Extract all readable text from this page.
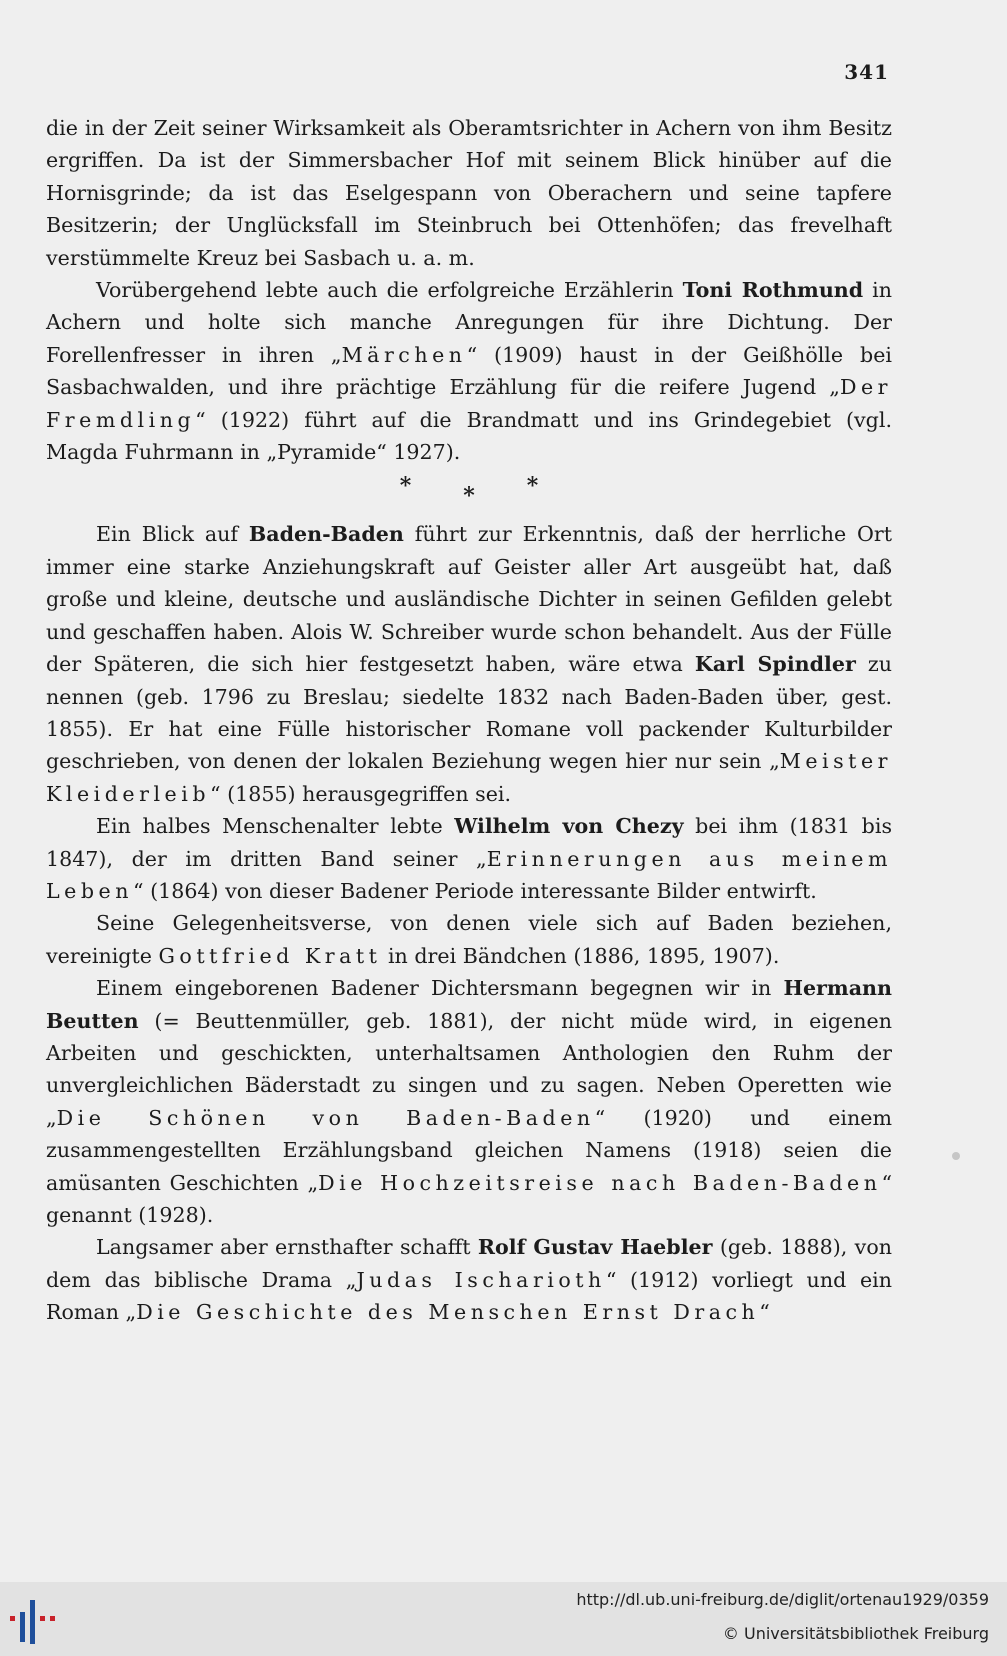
341

die in der Zeit seiner Wirksamkeit als Oberamtsrichter in Achern von ihm Besitz ergriffen. Da ist der Simmersbacher Hof mit seinem Blick hinüber auf die Hornisgrinde; da ist das Eselgespann von Oberachern und seine tapfere Besitzerin; der Unglücksfall im Steinbruch bei Ottenhöfen; das frevelhaft verstümmelte Kreuz bei Sasbach u. a. m.

Vorübergehend lebte auch die erfolgreiche Erzählerin Toni Rothmund in Achern und holte sich manche Anregungen für ihre Dichtung. Der Forellenfresser in ihren „Märchen“ (1909) haust in der Geißhölle bei Sasbachwalden, und ihre prächtige Erzählung für die reifere Jugend „Der Fremdling“ (1922) führt auf die Brandmatt und ins Grindegebiet (vgl. Magda Fuhrmann in „Pyramide“ 1927).

***

Ein Blick auf Baden-Baden führt zur Erkenntnis, daß der herrliche Ort immer eine starke Anziehungskraft auf Geister aller Art ausgeübt hat, daß große und kleine, deutsche und ausländische Dichter in seinen Gefilden gelebt und geschaffen haben. Alois W. Schreiber wurde schon behandelt. Aus der Fülle der Späteren, die sich hier festgesetzt haben, wäre etwa Karl Spindler zu nennen (geb. 1796 zu Breslau; siedelte 1832 nach Baden-Baden über, gest. 1855). Er hat eine Fülle historischer Romane voll packender Kulturbilder geschrieben, von denen der lokalen Beziehung wegen hier nur sein „Meister Kleiderleib“ (1855) herausgegriffen sei.

Ein halbes Menschenalter lebte Wilhelm von Chezy bei ihm (1831 bis 1847), der im dritten Band seiner „Erinnerungen aus meinem Leben“ (1864) von dieser Badener Periode interessante Bilder entwirft.

Seine Gelegenheitsverse, von denen viele sich auf Baden beziehen, vereinigte Gottfried Kratt in drei Bändchen (1886, 1895, 1907).

Einem eingeborenen Badener Dichtersmann begegnen wir in Hermann Beutten (= Beuttenmüller, geb. 1881), der nicht müde wird, in eigenen Arbeiten und geschickten, unterhaltsamen Anthologien den Ruhm der unvergleichlichen Bäderstadt zu singen und zu sagen. Neben Operetten wie „Die Schönen von Baden-Baden“ (1920) und einem zusammengestellten Erzählungsband gleichen Namens (1918) seien die amüsanten Geschichten „Die Hochzeitsreise nach Baden-Baden“ genannt (1928).

Langsamer aber ernsthafter schafft Rolf Gustav Haebler (geb. 1888), von dem das biblische Drama „Judas Ischarioth“ (1912) vorliegt und ein Roman „Die Geschichte des Menschen Ernst Drach“

http://dl.ub.uni-freiburg.de/diglit/ortenau1929/0359
© Universitätsbibliothek Freiburg
